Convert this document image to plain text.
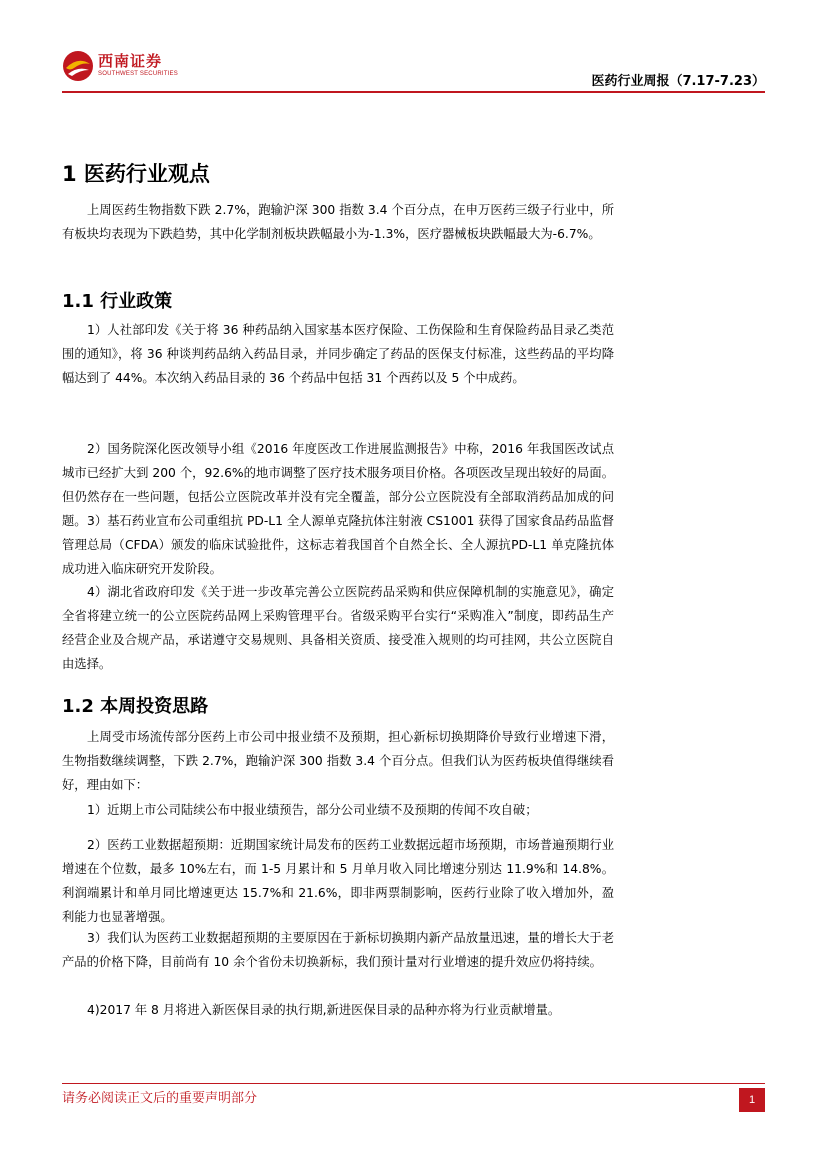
西南证券
SOUTHWEST SECURITIES	医药行业周报（7.17-7.23）
1 医药行业观点

上周医药生物指数下跌 2.7%，跑输沪深 300 指数 3.4 个百分点，在申万医药三级子行业中，所有板块均表现为下跌趋势，其中化学制剂板块跌幅最小为-1.3%，医疗器械板块跌幅最大为-6.7%。

1.1 行业政策

1）人社部印发《关于将 36 种药品纳入国家基本医疗保险、工伤保险和生育保险药品目录乙类范围的通知》，将 36 种谈判药品纳入药品目录，并同步确定了药品的医保支付标准，这些药品的平均降幅达到了 44%。本次纳入药品目录的 36 个药品中包括 31 个西药以及 5 个中成药。

2）国务院深化医改领导小组《2016 年度医改工作进展监测报告》中称，2016 年我国医改试点城市已经扩大到 200 个，92.6%的地市调整了医疗技术服务项目价格。各项医改呈现出较好的局面。但仍然存在一些问题，包括公立医院改革并没有完全覆盖，部分公立医院没有全部取消药品加成的问题。 3）基石药业宣布公司重组抗 PD-L1 全人源单克隆抗体注射液 CS1001 获得了国家食品药品监督管理总局（CFDA）颁发的临床试验批件，这标志着我国首个自然全长、全人源抗PD-L1 单克隆抗体成功进入临床研究开发阶段。

4）湖北省政府印发《关于进一步改革完善公立医院药品采购和供应保障机制的实施意见》，确定全省将建立统一的公立医院药品网上采购管理平台。省级采购平台实行“采购准入”制度，即药品生产经营企业及合规产品，承诺遵守交易规则、具备相关资质、接受准入规则的均可挂网，共公立医院自由选择。

1.2 本周投资思路

上周受市场流传部分医药上市公司中报业绩不及预期，担心新标切换期降价导致行业增速下滑，生物指数继续调整，下跌 2.7%，跑输沪深 300 指数 3.4 个百分点。但我们认为医药板块值得继续看好，理由如下：

1）近期上市公司陆续公布中报业绩预告，部分公司业绩不及预期的传闻不攻自破；

2）医药工业数据超预期：近期国家统计局发布的医药工业数据远超市场预期，市场普遍预期行业增速在个位数，最多 10%左右，而 1-5 月累计和 5 月单月收入同比增速分别达 11.9%和 14.8%。利润端累计和单月同比增速更达 15.7%和 21.6%，即非两票制影响，医药行业除了收入增加外，盈利能力也显著增强。

3）我们认为医药工业数据超预期的主要原因在于新标切换期内新产品放量迅速，量的增长大于老产品的价格下降，目前尚有 10 余个省份未切换新标，我们预计量对行业增速的提升效应仍将持续。

4)2017 年 8 月将进入新医保目录的执行期,新进医保目录的品种亦将为行业贡献增量。

请务必阅读正文后的重要声明部分	1
